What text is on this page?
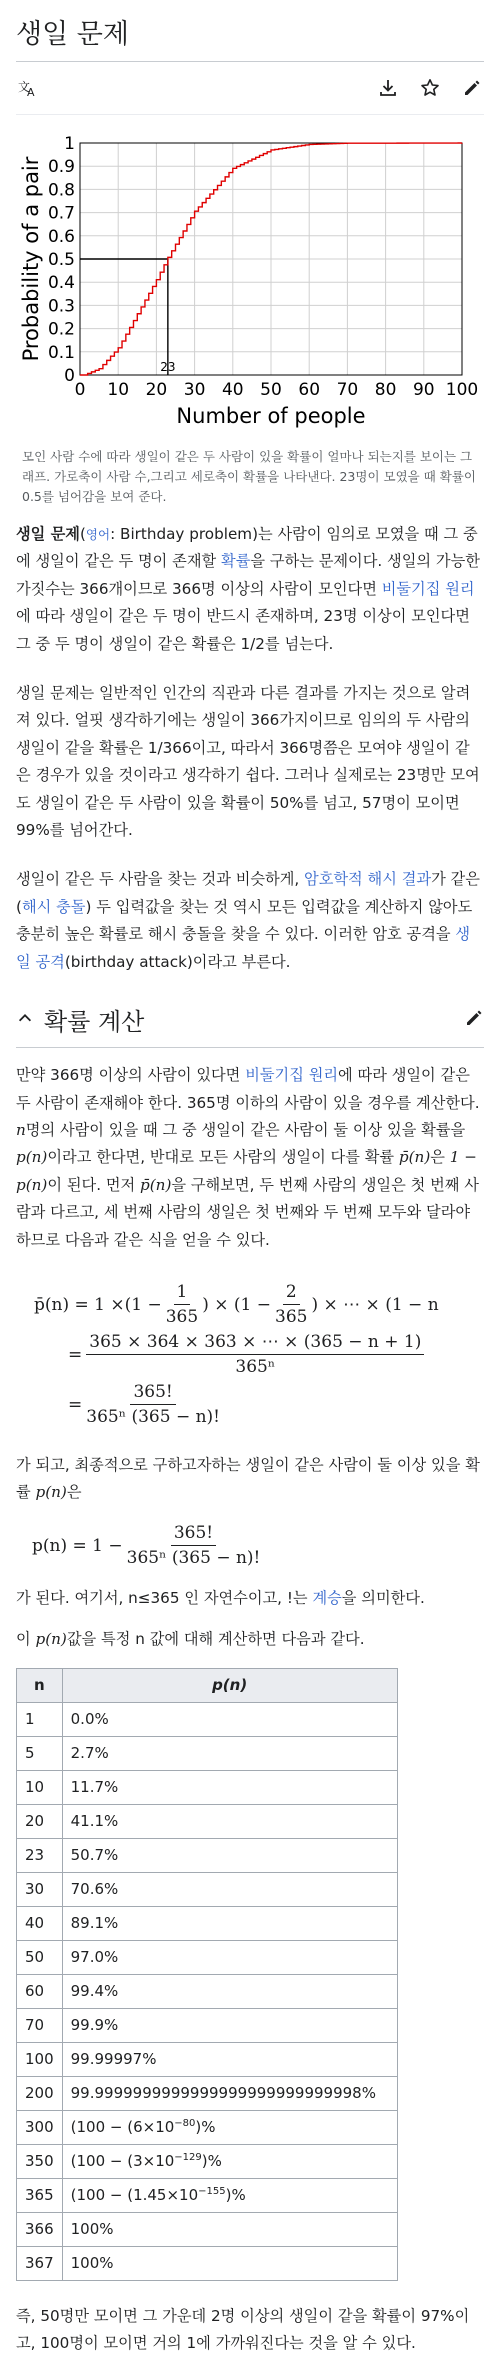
생일 문제
文
A
0
0.1
0.2
0.3
0.4
0.5
0.6
0.7
0.8
0.9
1
0 10 20 30 40 50 60 70 80 90 100
23
Number of people
Probability of a pair
모인 사람 수에 따라 생일이 같은 두 사람이 있을 확률이 얼마나 되는지를 보이는 그래프. 가로축이 사람 수,그리고 세로축이 확률을 나타낸다. 23명이 모였을 때 확률이 0.5를 넘어감을 보여 준다.

생일 문제(영어: Birthday problem)는 사람이 임의로 모였을 때 그 중에 생일이 같은 두 명이 존재할 확률을 구하는 문제이다. 생일의 가능한 가짓수는 366개이므로 366명 이상의 사람이 모인다면 비둘기집 원리에 따라 생일이 같은 두 명이 반드시 존재하며, 23명 이상이 모인다면 그 중 두 명이 생일이 같은 확률은 1/2를 넘는다.

생일 문제는 일반적인 인간의 직관과 다른 결과를 가지는 것으로 알려져 있다. 얼핏 생각하기에는 생일이 366가지이므로 임의의 두 사람의 생일이 같을 확률은 1/366이고, 따라서 366명쯤은 모여야 생일이 같은 경우가 있을 것이라고 생각하기 쉽다. 그러나 실제로는 23명만 모여도 생일이 같은 두 사람이 있을 확률이 50%를 넘고, 57명이 모이면 99%를 넘어간다.

생일이 같은 두 사람을 찾는 것과 비슷하게, 암호학적 해시 결과가 같은(해시 충돌) 두 입력값을 찾는 것 역시 모든 입력값을 계산하지 않아도 충분히 높은 확률로 해시 충돌을 찾을 수 있다. 이러한 암호 공격을 생일 공격(birthday attack)이라고 부른다.

확률 계산

만약 366명 이상의 사람이 있다면 비둘기집 원리에 따라 생일이 같은 두 사람이 존재해야 한다. 365명 이하의 사람이 있을 경우를 계산한다. n명의 사람이 있을 때 그 중 생일이 같은 사람이 둘 이상 있을 확률을 p(n)이라고 한다면, 반대로 모든 사람의 생일이 다를 확률 p̄(n)은 1 − p(n)이 된다. 먼저 p̄(n)을 구해보면, 두 번째 사람의 생일은 첫 번째 사람과 다르고, 세 번째 사람의 생일은 첫 번째와 두 번째 모두와 달라야 하므로 다음과 같은 식을 얻을 수 있다.

p̄(n) = $1 \times (1 - \frac{1}{365}$ )
×
($1 - \frac{2}{365}$ )
× ⋯ ×
(1 − n
= $\frac{365 \times 364 \times 363 \times \cdots \times (365 - n + 1)}{\text{365ⁿ}}$
= $\frac{365!}{\text{365ⁿ (365 − n)!}}$

가 되고, 최종적으로 구하고자하는 생일이 같은 사람이 둘 이상 있을 확률 p(n)은

$p(n) = 1 - \frac{365!}{\text{365ⁿ (365 − n)!}}$

가 된다. 여기서, n≤365 인 자연수이고, !는 계승을 의미한다.

이 p(n)값을 특정 n 값에 대해 계산하면 다음과 같다.

n	p(n)
1	0.0%
5	2.7%
10	11.7%
20	41.1%
23	50.7%
30	70.6%
40	89.1%
50	97.0%
60	99.4%
70	99.9%
100	99.99997%
200	99.9999999999999999999999999998%
300	($100 - (6\times 10^{-80})\%$
350	($100 - (3\times 10^{-129})\%$
365	($100 - (1.45\times 10^{-155})\%$
366	100%
367	100%

즉, 50명만 모이면 그 가운데 2명 이상의 생일이 같을 확률이 97%이고, 100명이 모이면 거의 1에 가까워진다는 것을 알 수 있다.
